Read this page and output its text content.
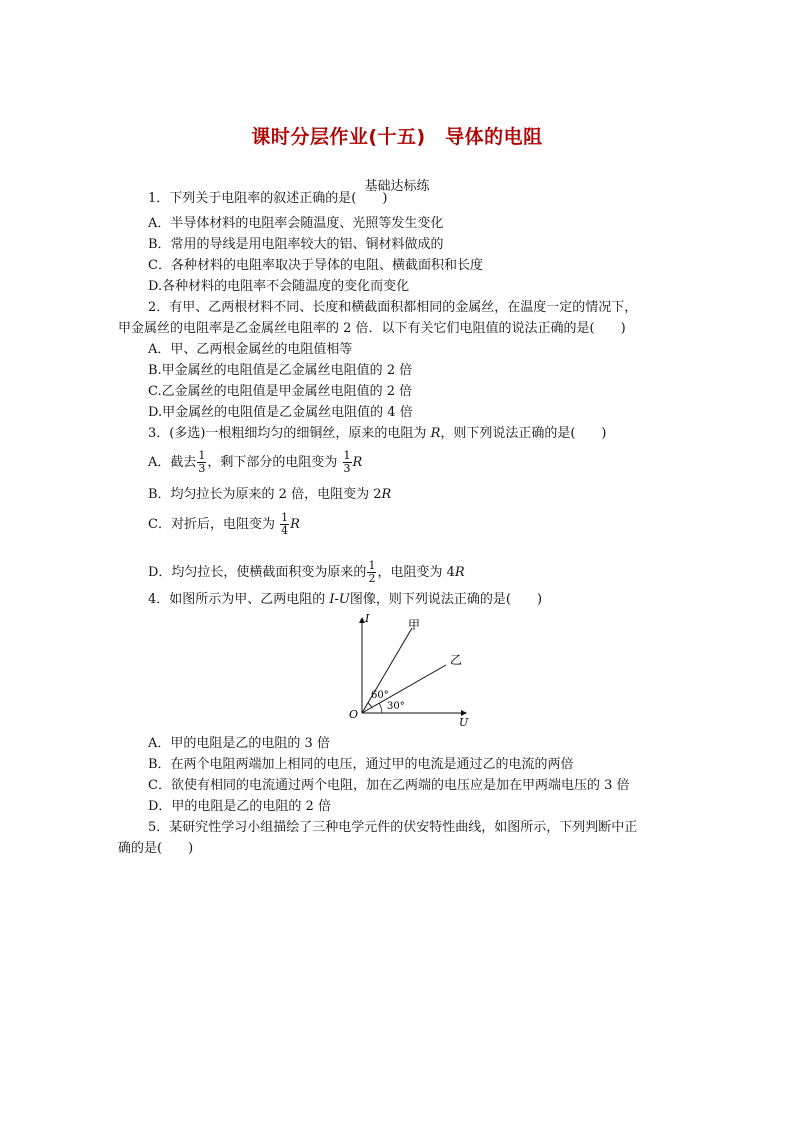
课时分层作业(十五)　导体的电阻
基础达标练
1．下列关于电阻率的叙述正确的是(　　)
A．半导体材料的电阻率会随温度、光照等发生变化
B．常用的导线是用电阻率较大的铝、铜材料做成的
C．各种材料的电阻率取决于导体的电阻、横截面积和长度
D.各种材料的电阻率不会随温度的变化而变化
2．有甲、乙两根材料不同、长度和横截面积都相同的金属丝，在温度一定的情况下，
甲金属丝的电阻率是乙金属丝电阻率的 2 倍．以下有关它们电阻值的说法正确的是(　　)
A．甲、乙两根金属丝的电阻值相等
B.甲金属丝的电阻值是乙金属丝电阻值的 2 倍
C.乙金属丝的电阻值是甲金属丝电阻值的 2 倍
D.甲金属丝的电阻值是乙金属丝电阻值的 4 倍
3．(多选)一根粗细均匀的细铜丝，原来的电阻为 R，则下列说法正确的是(　　)
A．截去 $\frac{1}{3}$ ，剩下部分的电阻变为 $\frac{1}{3}$ R
B．均匀拉长为原来的 2 倍，电阻变为 2R
C．对折后，电阻变为 $\frac{1}{4}$ R
D．均匀拉长，使横截面积变为原来的 $\frac{1}{2}$ ，电阻变为 4R
4．如图所示为甲、乙两电阻的 I-U图像，则下列说法正确的是(　　)
I
U
O
甲
乙
60°
30°
A．甲的电阻是乙的电阻的 3 倍
B．在两个电阻两端加上相同的电压，通过甲的电流是通过乙的电流的两倍
C．欲使有相同的电流通过两个电阻，加在乙两端的电压应是加在甲两端电压的 3 倍
D．甲的电阻是乙的电阻的 2 倍
5．某研究性学习小组描绘了三种电学元件的伏安特性曲线，如图所示，下列判断中正
确的是(　　)
